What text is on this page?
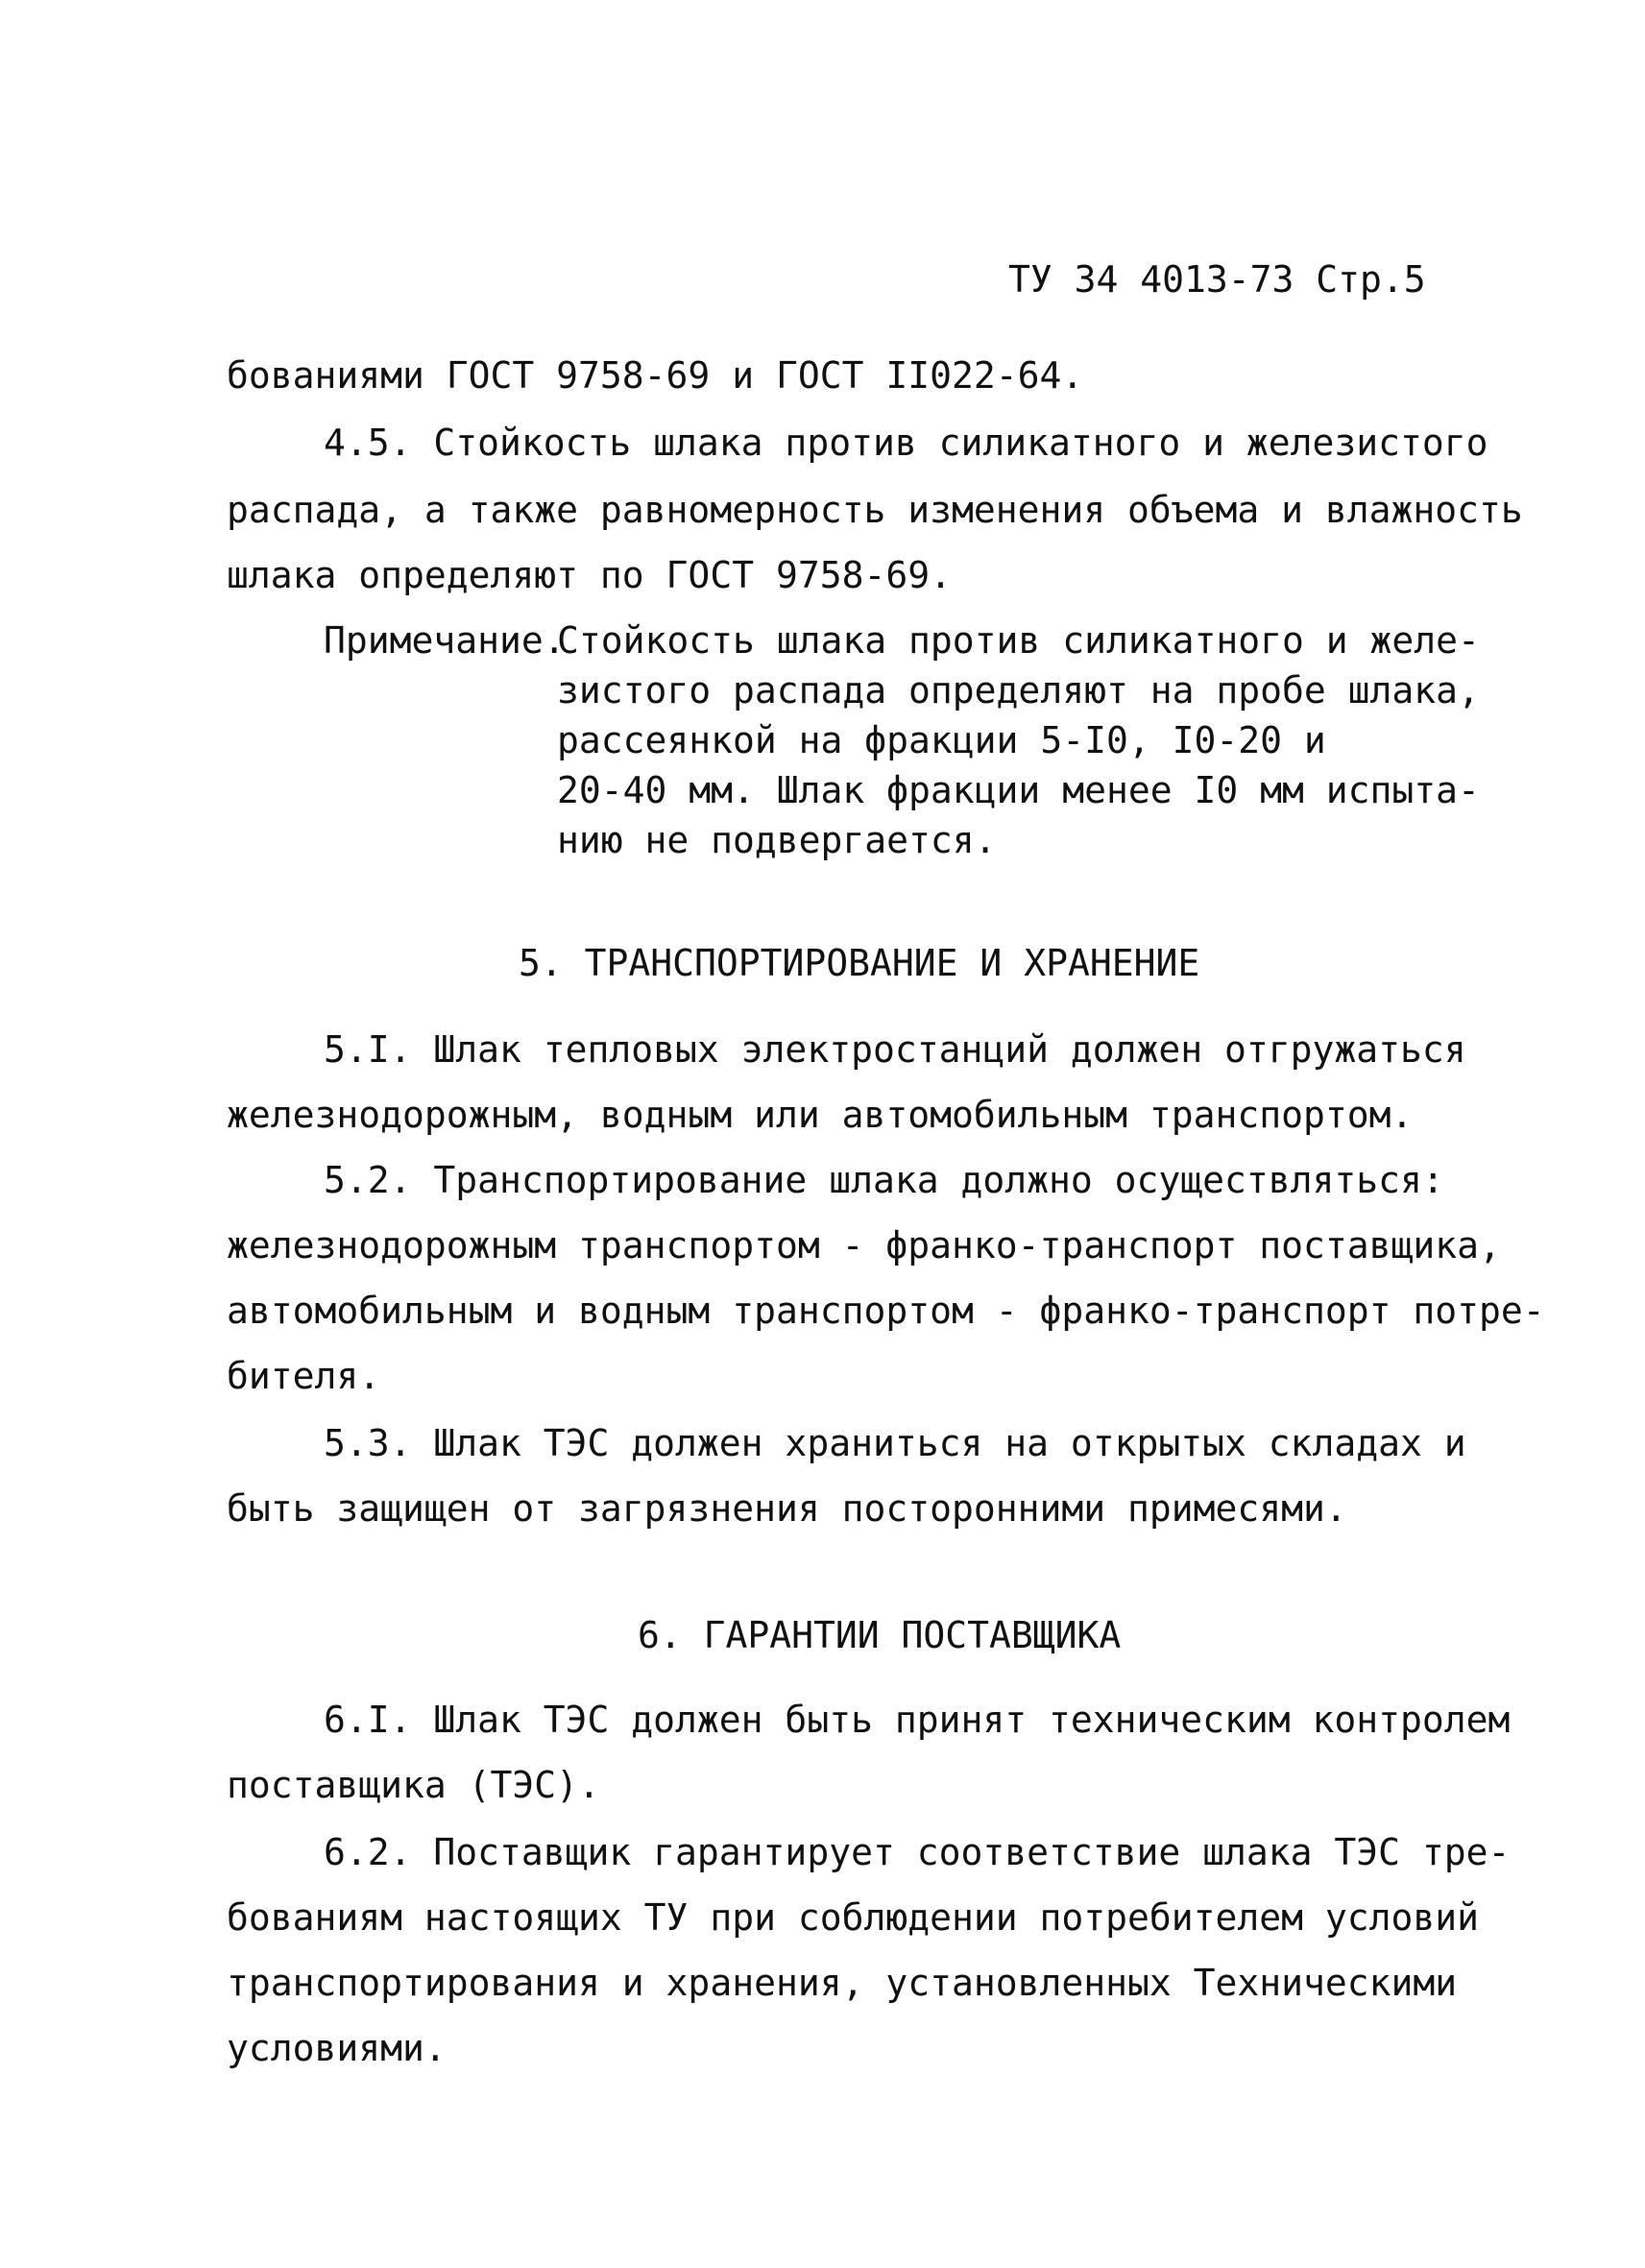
ТУ 34 4013-73 Стр.5
бованиями ГОСТ 9758-69 и ГОСТ II022-64.
4.5. Стойкость шлака против силикатного и железистого
распада, а также равномерность изменения объема и влажность
шлака определяют по ГОСТ 9758-69.
Примечание.
Стойкость шлака против силикатного и желе-
зистого распада определяют на пробе шлака,
рассеянкой на фракции 5-I0, I0-20 и
20-40 мм. Шлак фракции менее I0 мм испыта-
нию не подвергается.
5. ТРАНСПОРТИРОВАНИЕ И ХРАНЕНИЕ
5.I. Шлак тепловых электростанций должен отгружаться
железнодорожным, водным или автомобильным транспортом.
5.2. Транспортирование шлака должно осуществляться:
железнодорожным транспортом - франко-транспорт поставщика,
автомобильным и водным транспортом - франко-транспорт потре-
бителя.
5.3. Шлак ТЭС должен храниться на открытых складах и
быть защищен от загрязнения посторонними примесями.
6. ГАРАНТИИ ПОСТАВЩИКА
6.I. Шлак ТЭС должен быть принят техническим контролем
поставщика (ТЭС).
6.2. Поставщик гарантирует соответствие шлака ТЭС тре-
бованиям настоящих ТУ при соблюдении потребителем условий
транспортирования и хранения, установленных Техническими
условиями.
